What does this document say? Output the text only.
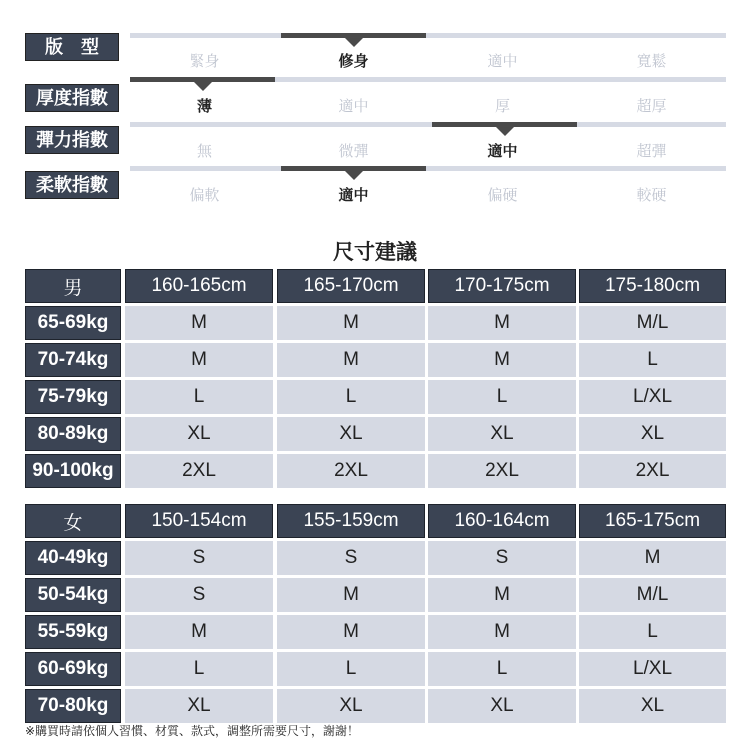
版　型
緊身	修身	適中	寬鬆
厚度指數	薄	適中	厚	超厚
彈力指數	無	微彈	適中	超彈
柔軟指數	偏軟	適中	偏硬	較硬
尺寸建議
男	160-165cm	165-170cm	170-175cm	175-180cm
65-69kg	M	M	M	M/L
70-74kg	M	M	M	L
75-79kg	L	L	L	L/XL
80-89kg	XL	XL	XL	XL
90-100kg	2XL	2XL	2XL	2XL
女	150-154cm	155-159cm	160-164cm	165-175cm
40-49kg	S	S	S	M
50-54kg	S	M	M	M/L
55-59kg	M	M	M	L
60-69kg	L	L	L	L/XL
70-80kg	XL	XL	XL	XL
※購買時請依個人習慣、材質、款式，調整所需要尺寸，謝謝！
